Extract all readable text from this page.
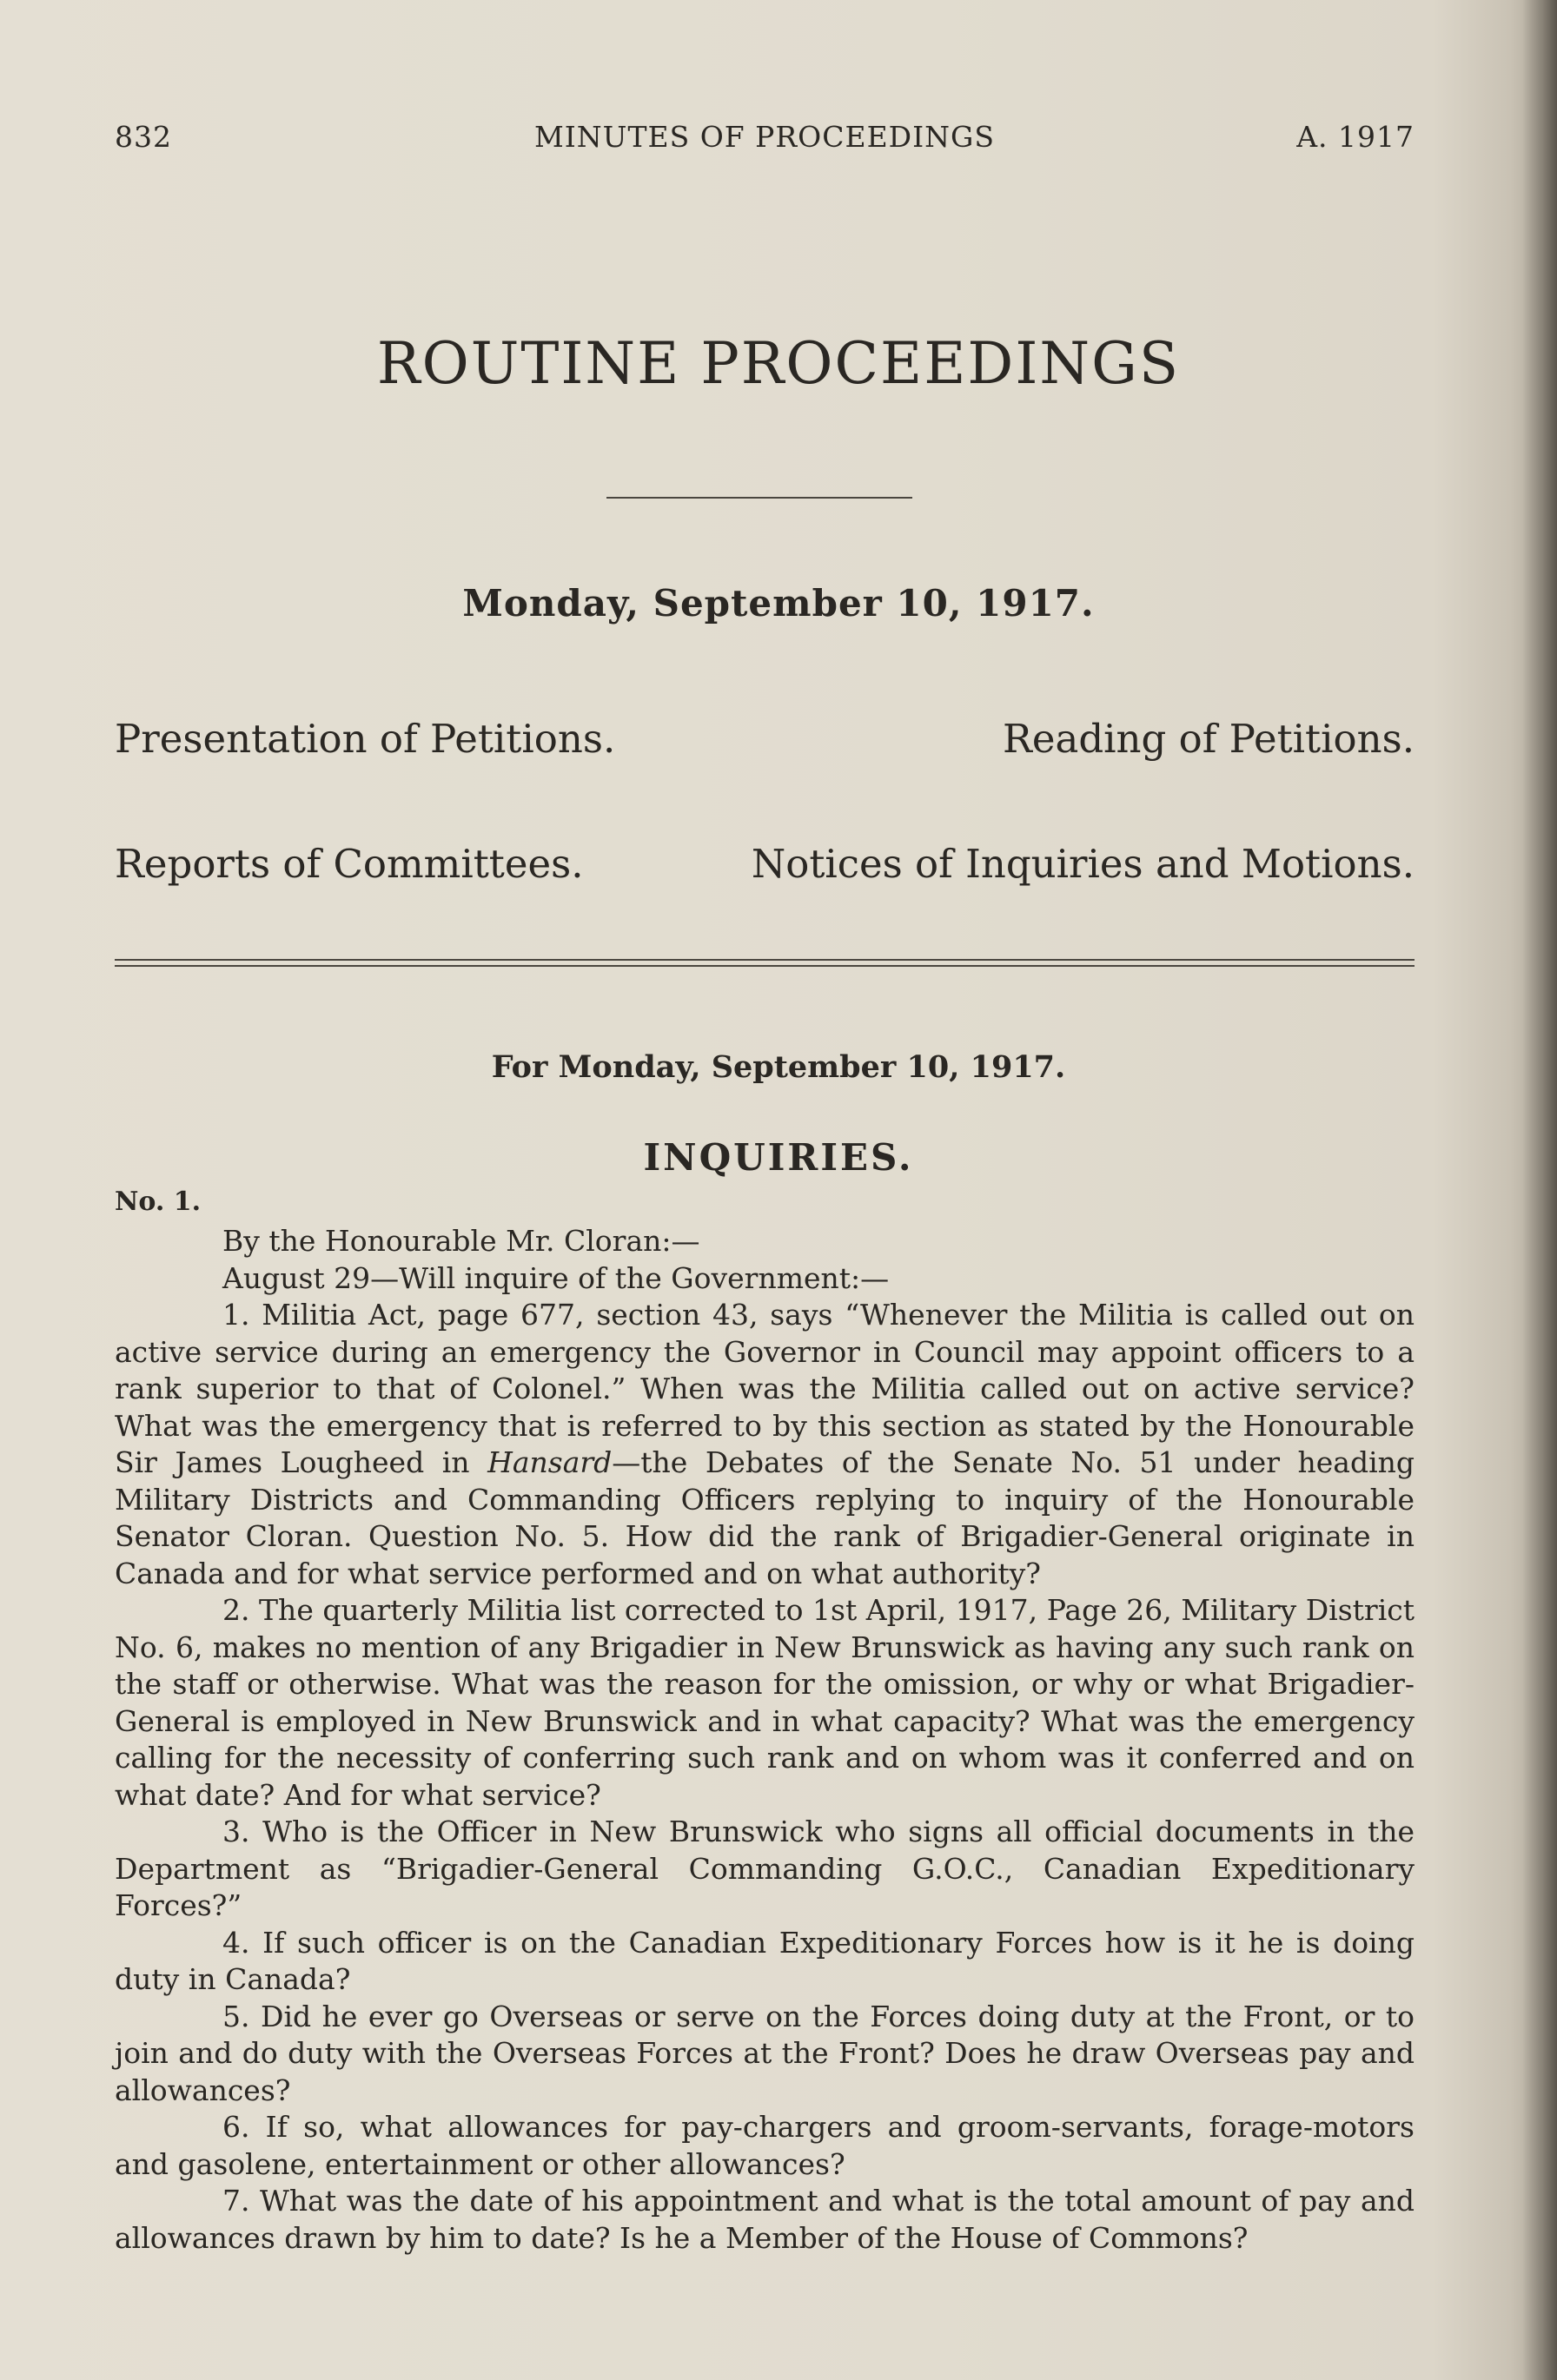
832	MINUTES OF PROCEEDINGS	A. 1917
ROUTINE PROCEEDINGS
Monday, September 10, 1917.
Presentation of Petitions.	Reading of Petitions.
Reports of Committees.	Notices of Inquiries and Motions.
For Monday, September 10, 1917.
INQUIRIES.
No. 1.

By the Honourable Mr. Cloran:—

August 29—Will inquire of the Government:—

1. Militia Act, page 677, section 43, says “Whenever the Militia is called out on active service during an emergency the Governor in Council may appoint officers to a rank superior to that of Colonel.” When was the Militia called out on active service? What was the emergency that is referred to by this section as stated by the Honourable Sir James Lougheed in Hansard—the Debates of the Senate No. 51 under heading Military Districts and Commanding Officers replying to inquiry of the Honourable Senator Cloran. Question No. 5. How did the rank of Brigadier-General originate in Canada and for what service performed and on what authority?

2. The quarterly Militia list corrected to 1st April, 1917, Page 26, Military District No. 6, makes no mention of any Brigadier in New Brunswick as having any such rank on the staff or otherwise. What was the reason for the omission, or why or what Brigadier-General is employed in New Brunswick and in what capacity? What was the emergency calling for the necessity of conferring such rank and on whom was it conferred and on what date? And for what service?

3. Who is the Officer in New Brunswick who signs all official documents in the Department as “Brigadier-General Commanding G.O.C., Canadian Expeditionary Forces?”

4. If such officer is on the Canadian Expeditionary Forces how is it he is doing duty in Canada?

5. Did he ever go Overseas or serve on the Forces doing duty at the Front, or to join and do duty with the Overseas Forces at the Front? Does he draw Overseas pay and allowances?

6. If so, what allowances for pay-chargers and groom-servants, forage-motors and gasolene, entertainment or other allowances?

7. What was the date of his appointment and what is the total amount of pay and allowances drawn by him to date? Is he a Member of the House of Commons?
